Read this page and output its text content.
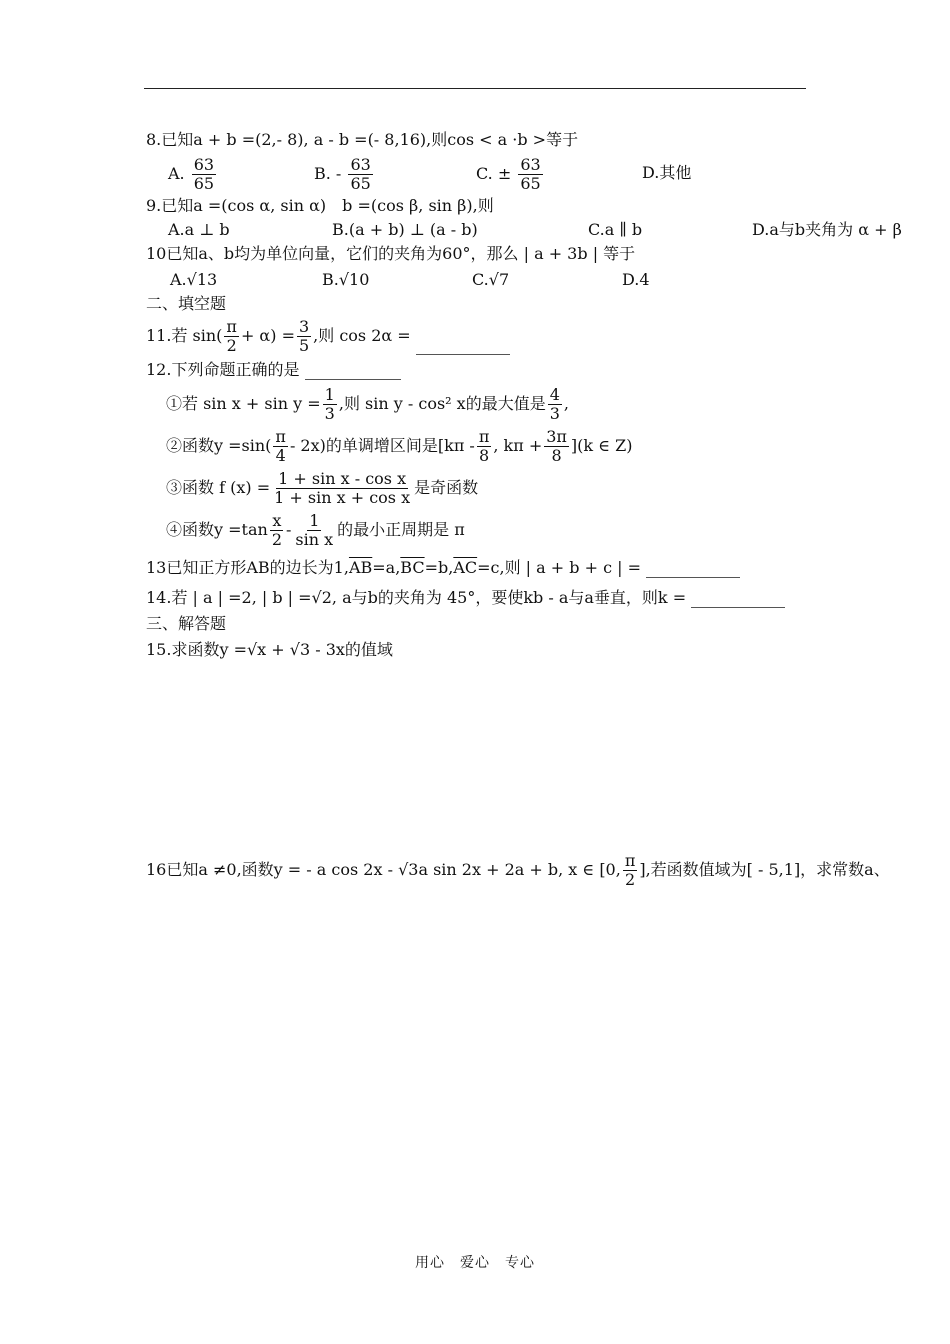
8.已知a + b =(2,- 8), a - b =(- 8,16),则cos < a ·b >等于
A. $\frac{63}{65}$	B. - $\frac{63}{65}$	C. ± $\frac{63}{65}$	D.其他
9.已知a =(cos α, sin α)　b =(cos β, sin β),则
A.a ⊥ b	B.(a + b) ⊥ (a - b)	C.a ∥ b	D.a与b夹角为 α + β
10已知a、b均为单位向量，它们的夹角为60°，那么 | a + 3b | 等于
A.√13	B.√10	C.√7	D.4
二、填空题
11.若 $\sin( \frac{\pi}{2} + \alpha) = \frac{3}{5}$ ,则 cos 2α =
12.下列命题正确的是
①若 $\sin x + \sin y = \frac{1}{3}$ ,则 sin y - cos² x的最大值是 $\frac{4}{3}$ ,
②函数$y =\sin( \frac{\pi}{4} - 2x)$的单调增区间是[$k\pi - \frac{\pi}{8}$ , $k\pi + \frac{3\pi}{8} ](k$ ∈ Z)
③函数 f $(x) = \frac{\text{1 + sin x - cos x}}{\text{1 + sin x + cos x}}$ 是奇函数
④函数$y =\tan \frac{x}{2} - \frac{1}{\text{sin x}}$ 的最小正周期是 π
13已知正方形AB的边长为$1,\overline{AB}=a,\overline{BC}=b,\overline{AC}=c$,则 | a + b + c | =
14.若 | a | =2, | b | =√2, a与b的夹角为 45°，要使kb - a与a垂直，则k =
三、解答题
15.求函数y =√x + √3 - 3x的值域
16已知a ≠0,函数y = - a cos 2x - √3a sin 2x + 2a + b, x ∈ [0, $\frac{\pi}{2}$ ],若函数值域为[ - 5,1]，求常数a、
用心　爱心　专心
